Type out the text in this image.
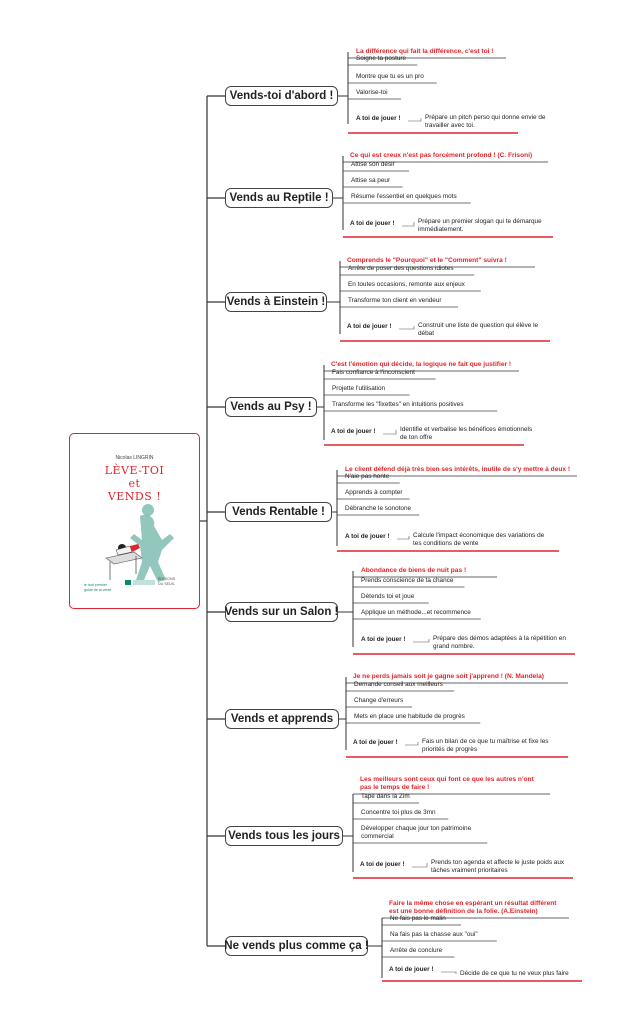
Nicolas LINGRIN
LÈVE-TOI
et
VENDS !
le tout premier
guide de la vente
ÉDITIONS
DU SEUIL
Vends-toi d'abord !
La différence qui fait la différence, c'est toi !
Soigne ta posture
Montre que tu es un pro
Valorise-toi
A toi de jouer !	Prépare un pitch perso qui donne envie de
travailler avec toi.
Vends au Reptile !
Ce qui est creux n'est pas forcément profond ! (C. Frisoni)
Attise son désir
Attise sa peur
Résume l'essentiel en quelques mots
A toi de jouer !	Prépare un premier slogan qui te démarque
immédiatement.
Vends à Einstein !
Comprends le "Pourquoi" et le "Comment" suivra !
Arrête de poser des questions idiotes
En toutes occasions, remonte aux enjeux
Transforme ton client en vendeur
A toi de jouer !	Construit une liste de question qui élève le
débat
Vends au Psy !
C'est l'émotion qui décide, la logique ne fait que justifier !
Fais confiance à l'inconscient
Projette l'utilisation
Transforme les "fixettes" en intuitions positives
A toi de jouer !	Identifie et verbalise les bénéfices émotionnels
de ton offre
Vends Rentable !
Le client défend déjà très bien ses intérêts, inutile de s'y mettre à deux !
N'aie pas honte
Apprends à compter
Débranche le sonotone
A toi de jouer !	Calcule l'impact économique des variations de
tes conditions de vente
Vends sur un Salon !
Abondance de biens de nuit pas !
Prends conscience de ta chance
Détends toi et joue
Applique un méthode...et recommence
A toi de jouer !	Prépare des démos adaptées à la répétition en
grand nombre.
Vends et apprends
Je ne perds jamais soit je gagne soit j'apprend ! (N. Mandela)
Demande conseil aux meilleurs
Change d'erreurs
Mets en place une habitude de progrès
A toi de jouer !	Fais un bilan de ce que tu maîtrise et fixe les
priorités de progrès
Vends tous les jours
Les meilleurs sont ceux qui font ce que les autres n'ont
pas le temps de faire !
Tape dans la Zim
Concentre toi plus de 3mn
Développer chaque jour ton patrimoine
commercial
A toi de jouer !	Prends ton agenda et affecte le juste poids aux
tâches vraiment prioritaires
Ne vends plus comme ça !
Faire la même chose en espérant un résultat différent
est une bonne définition de la folie. (A.Einstein)
Ne fais pas le malin
Na fais pas la chasse aux "oui"
Arrête de conclure
A toi de jouer !
Décide de ce que tu ne veux plus faire
